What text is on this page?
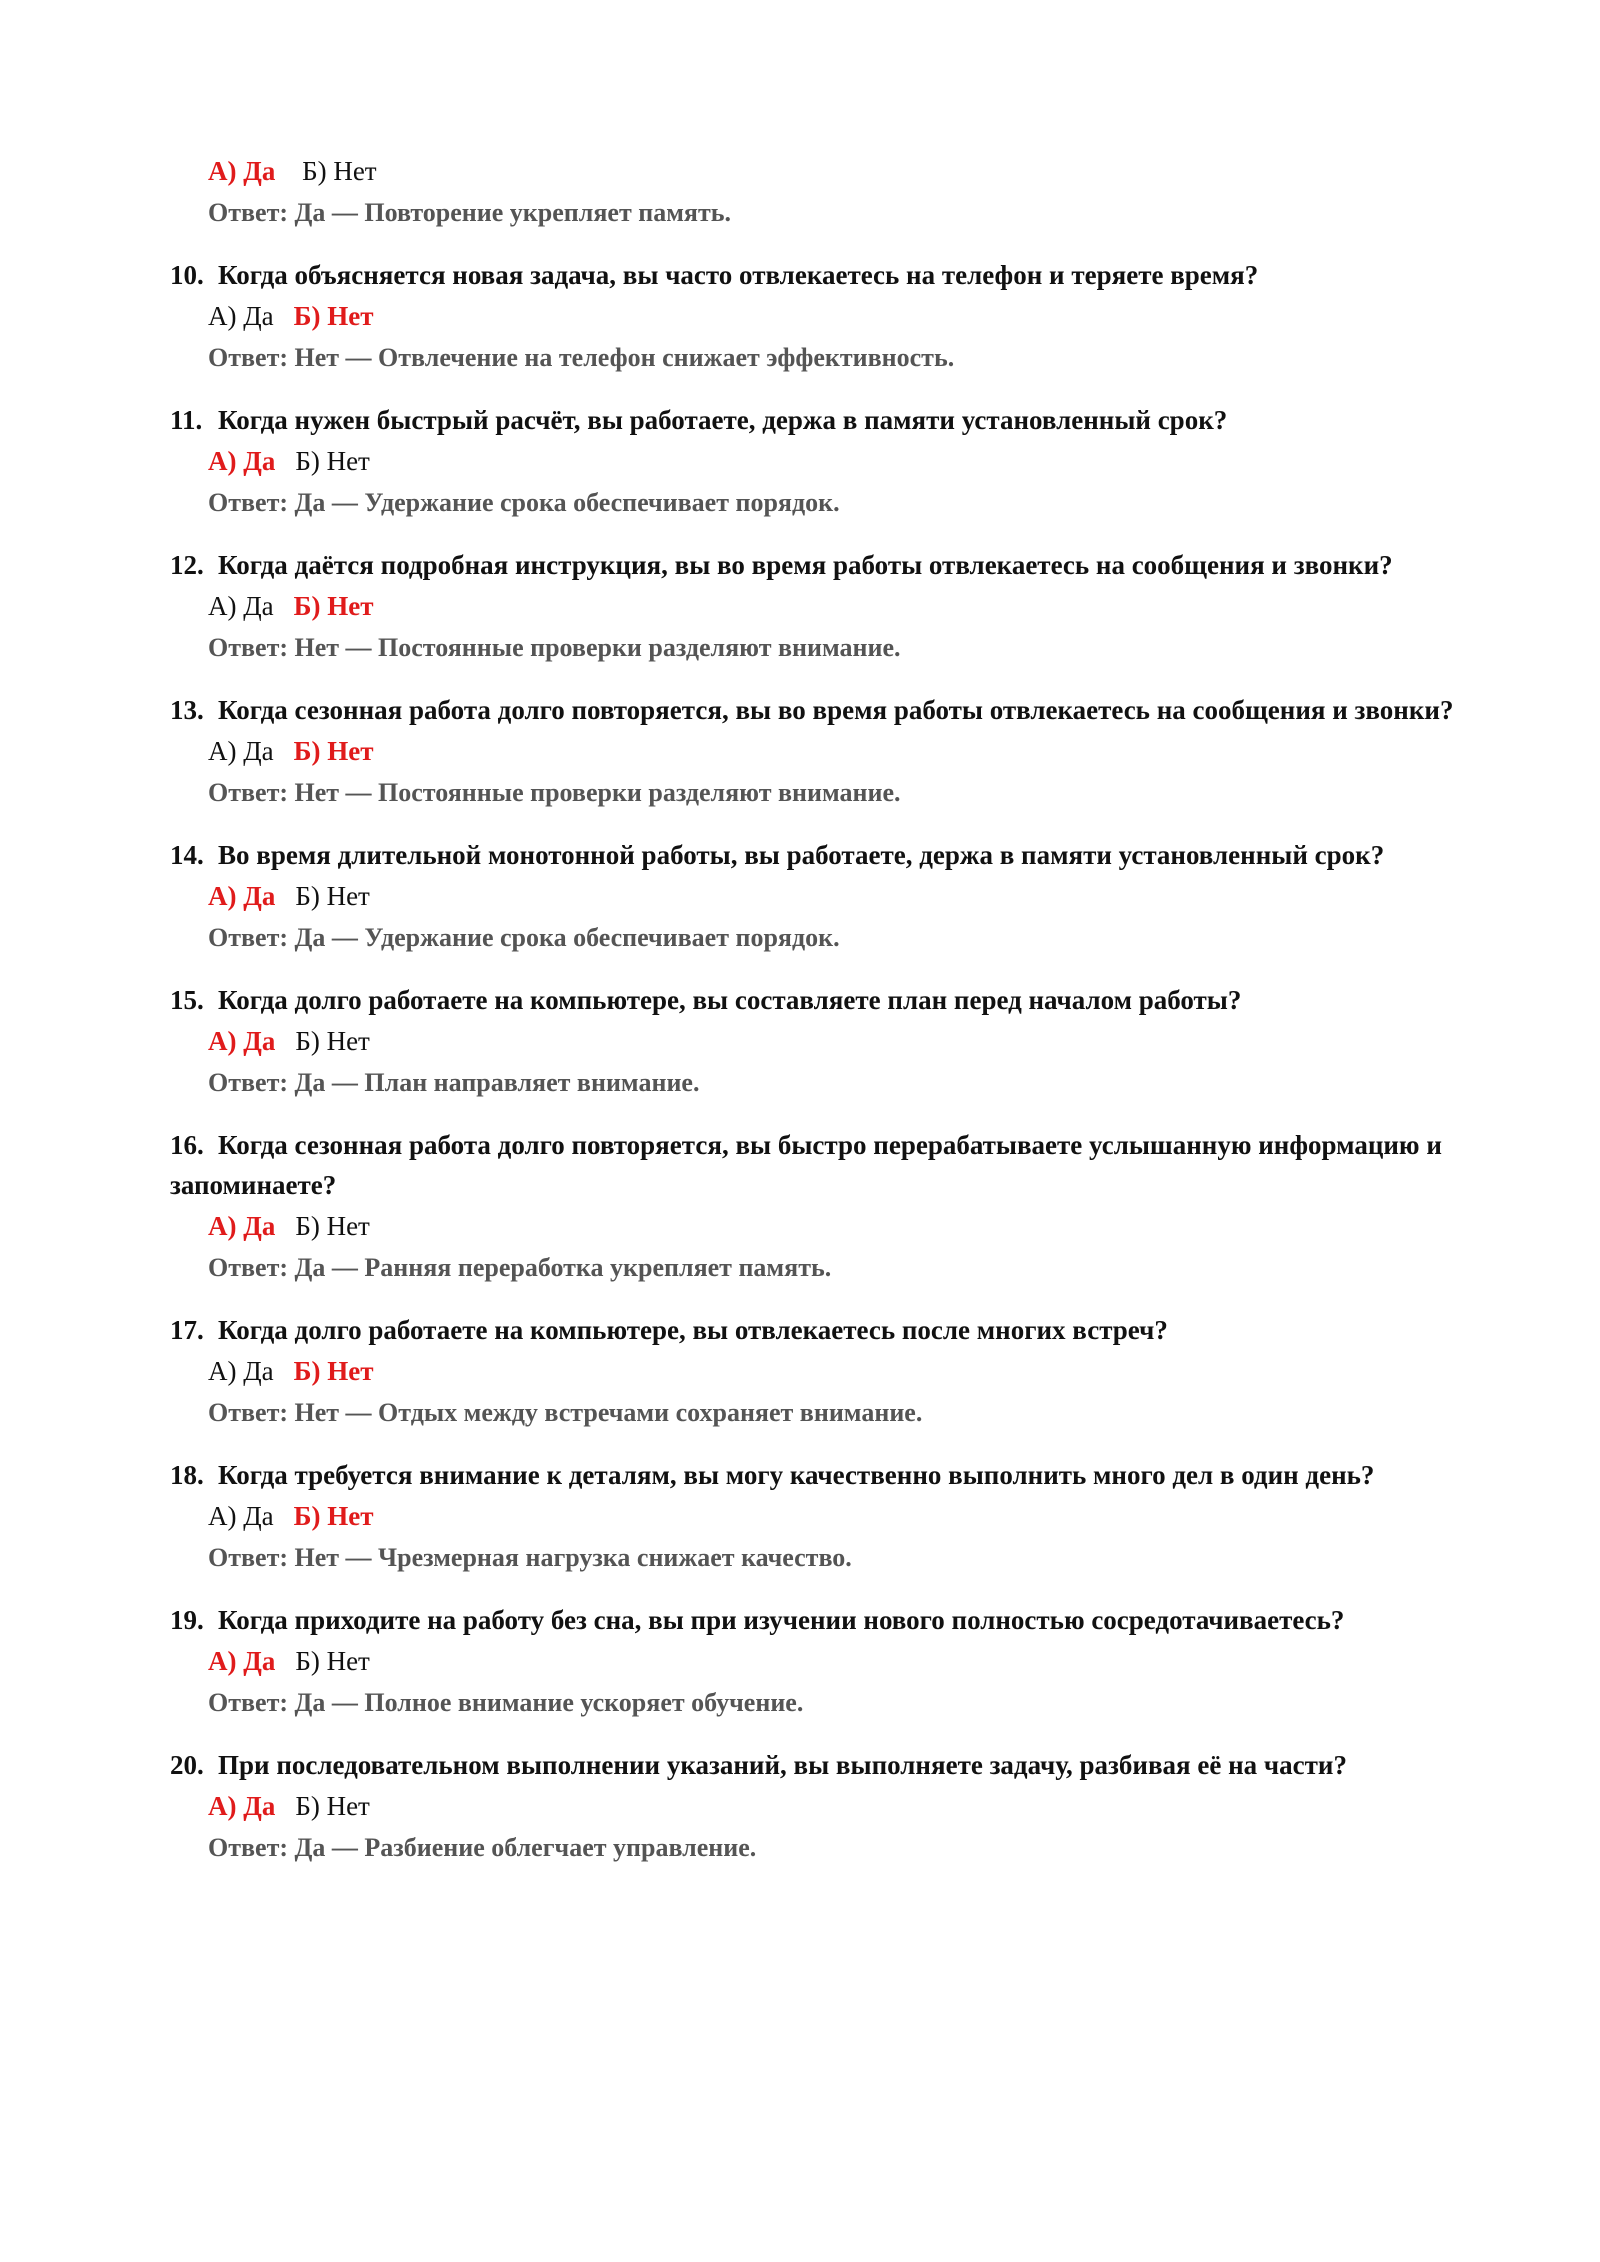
А) Да Б) Нет
Ответ: Да — Повторение укрепляет память.

10. Когда объясняется новая задача, вы часто отвлекаетесь на телефон и теряете время?

А) Да Б) Нет
Ответ: Нет — Отвлечение на телефон снижает эффективность.

11. Когда нужен быстрый расчёт, вы работаете, держа в памяти установленный срок?

А) Да Б) Нет
Ответ: Да — Удержание срока обеспечивает порядок.

12. Когда даётся подробная инструкция, вы во время работы отвлекаетесь на сообщения и звонки?

А) Да Б) Нет
Ответ: Нет — Постоянные проверки разделяют внимание.

13. Когда сезонная работа долго повторяется, вы во время работы отвлекаетесь на сообщения и звонки?

А) Да Б) Нет
Ответ: Нет — Постоянные проверки разделяют внимание.

14. Во время длительной монотонной работы, вы работаете, держа в памяти установленный срок?

А) Да Б) Нет
Ответ: Да — Удержание срока обеспечивает порядок.

15. Когда долго работаете на компьютере, вы составляете план перед началом работы?

А) Да Б) Нет
Ответ: Да — План направляет внимание.

16. Когда сезонная работа долго повторяется, вы быстро перерабатываете услышанную информацию и запоминаете?

А) Да Б) Нет
Ответ: Да — Ранняя переработка укрепляет память.

17. Когда долго работаете на компьютере, вы отвлекаетесь после многих встреч?

А) Да Б) Нет
Ответ: Нет — Отдых между встречами сохраняет внимание.

18. Когда требуется внимание к деталям, вы могу качественно выполнить много дел в один день?

А) Да Б) Нет
Ответ: Нет — Чрезмерная нагрузка снижает качество.

19. Когда приходите на работу без сна, вы при изучении нового полностью сосредотачиваетесь?

А) Да Б) Нет
Ответ: Да — Полное внимание ускоряет обучение.

20. При последовательном выполнении указаний, вы выполняете задачу, разбивая её на части?

А) Да Б) Нет
Ответ: Да — Разбиение облегчает управление.
